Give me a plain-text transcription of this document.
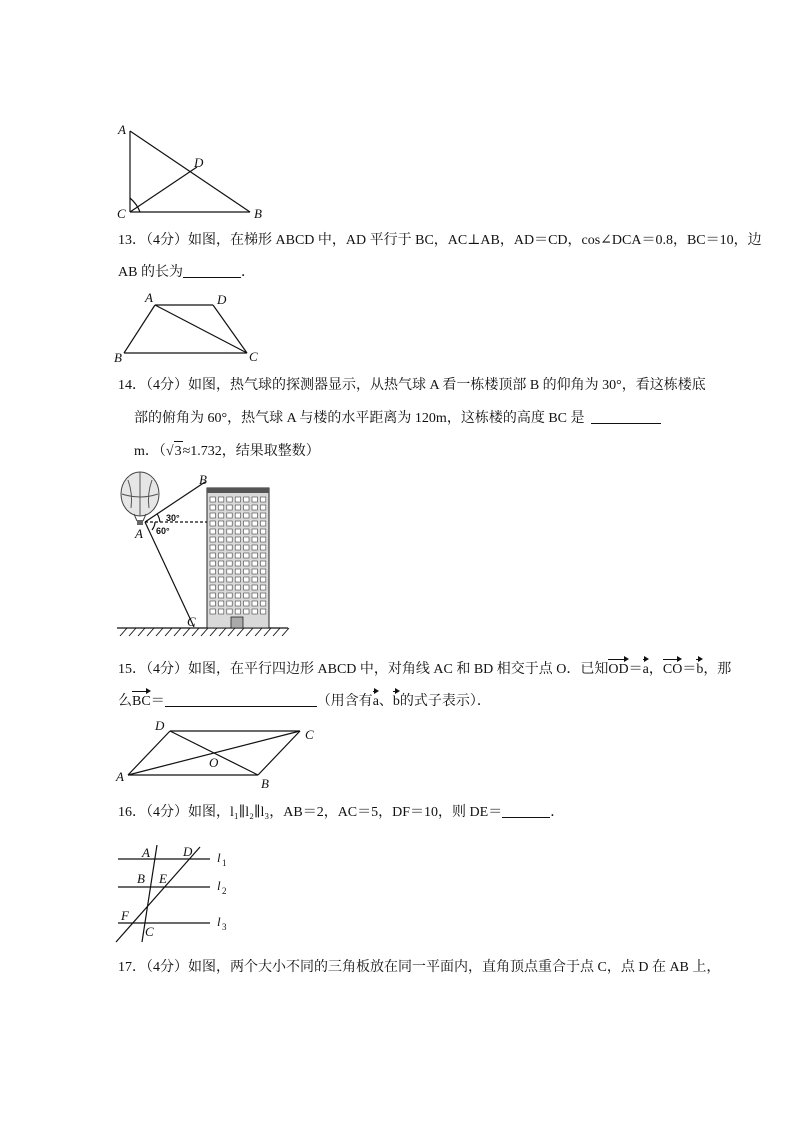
A
D
C	B
13．（4分）如图，在梯形 ABCD 中，AD 平行于 BC，AC⊥AB，AD＝CD，cos∠DCA＝0.8，BC＝10，边
AB 的长为	．
A	D
B	C
14．（4分）如图，热气球的探测器显示，从热气球 A 看一栋楼顶部 B 的仰角为 30°，看这栋楼底
部的俯角为 60°，热气球 A 与楼的水平距离为 120m，这栋楼的高度 BC 是
m．（√3≈1.732，结果取整数）
30°
60°
B
A
C
15．（4分）如图，在平行四边形 ABCD 中，对角线 AC 和 BD 相交于点 O．已知OD＝a，CO＝b，那
么BC＝	（用含有a、b的式子表示）．
D
C
O
A	B
16．（4分）如图，l₁∥l₂∥l₃，AB＝2，AC＝5，DF＝10，则 DE＝	．
A	D l 1
B E	l 2
F	l 3
C
17．（4分）如图，两个大小不同的三角板放在同一平面内，直角顶点重合于点 C，点 D 在 AB 上，
